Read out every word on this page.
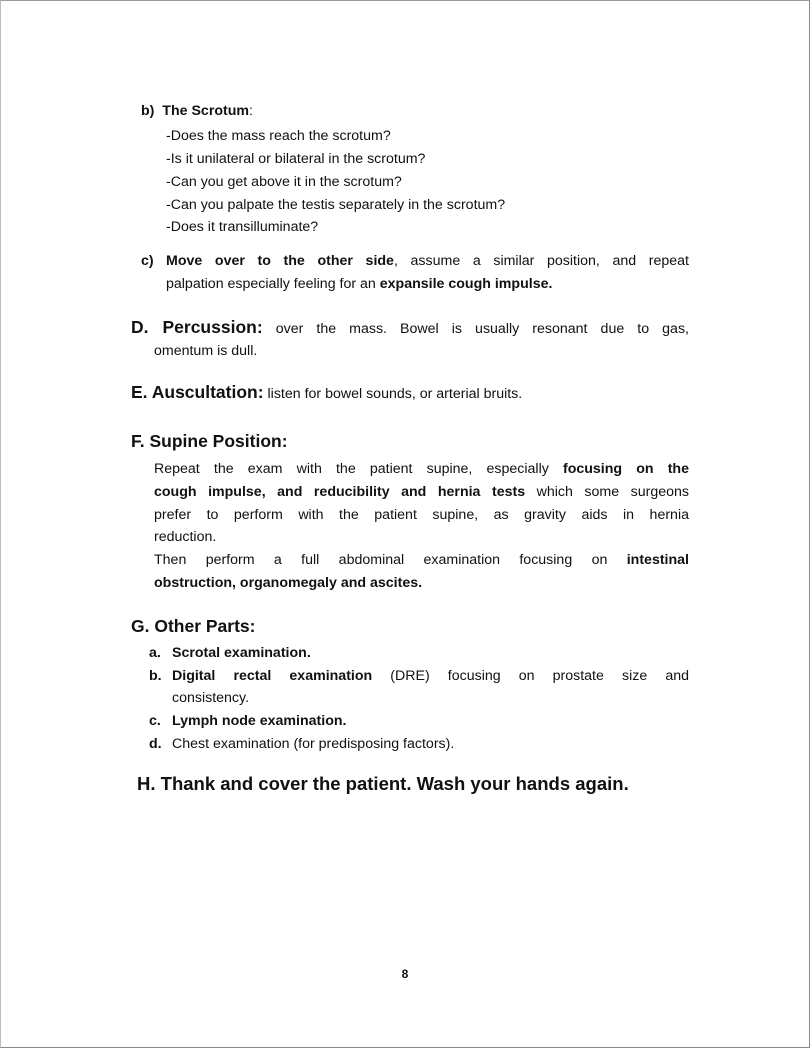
b) The Scrotum:
-Does the mass reach the scrotum?
-Is it unilateral or bilateral in the scrotum?
-Can you get above it in the scrotum?
-Can you palpate the testis separately in the scrotum?
-Does it transilluminate?
c) Move over to the other side, assume a similar position, and repeat
palpation especially feeling for an expansile cough impulse.
D. Percussion: over the mass. Bowel is usually resonant due to gas,
omentum is dull.
E. Auscultation: listen for bowel sounds, or arterial bruits.
F. Supine Position:
Repeat the exam with the patient supine, especially focusing on the
cough impulse, and reducibility and hernia tests which some surgeons
prefer to perform with the patient supine, as gravity aids in hernia
reduction.
Then perform a full abdominal examination focusing on intestinal
obstruction, organomegaly and ascites.
G. Other Parts:
a. Scrotal examination.
b. Digital rectal examination (DRE) focusing on prostate size and
consistency.
c. Lymph node examination.
d. Chest examination (for predisposing factors).
H. Thank and cover the patient. Wash your hands again.
8
